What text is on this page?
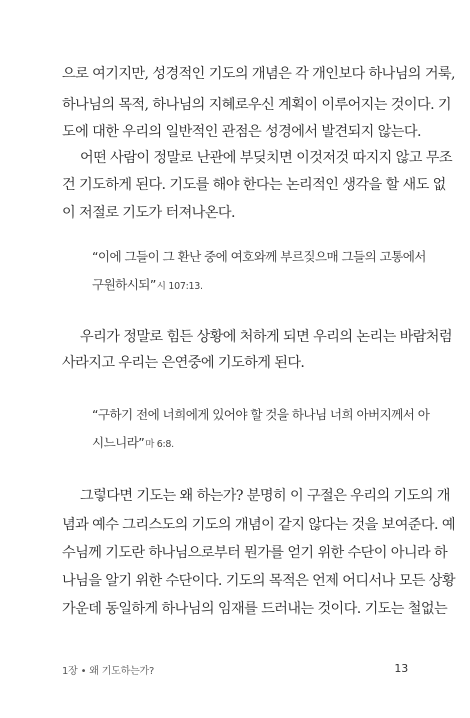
으로 여기지만, 성경적인 기도의 개념은 각 개인보다 하나님의 거룩,
하나님의 목적, 하나님의 지혜로우신 계획이 이루어지는 것이다. 기
도에 대한 우리의 일반적인 관점은 성경에서 발견되지 않는다.
어떤 사람이 정말로 난관에 부딪치면 이것저것 따지지 않고 무조
건 기도하게 된다. 기도를 해야 한다는 논리적인 생각을 할 새도 없
이 저절로 기도가 터져나온다.
“이에 그들이 그 환난 중에 여호와께 부르짖으매 그들의 고통에서
구원하시되”시 107:13.
우리가 정말로 힘든 상황에 처하게 되면 우리의 논리는 바람처럼
사라지고 우리는 은연중에 기도하게 된다.
“구하기 전에 너희에게 있어야 할 것을 하나님 너희 아버지께서 아
시느니라”마 6:8.
그렇다면 기도는 왜 하는가? 분명히 이 구절은 우리의 기도의 개
념과 예수 그리스도의 기도의 개념이 같지 않다는 것을 보여준다. 예
수님께 기도란 하나님으로부터 뭔가를 얻기 위한 수단이 아니라 하
나님을 알기 위한 수단이다. 기도의 목적은 언제 어디서나 모든 상황
가운데 동일하게 하나님의 임재를 드러내는 것이다. 기도는 철없는
1장 • 왜 기도하는가?	13
